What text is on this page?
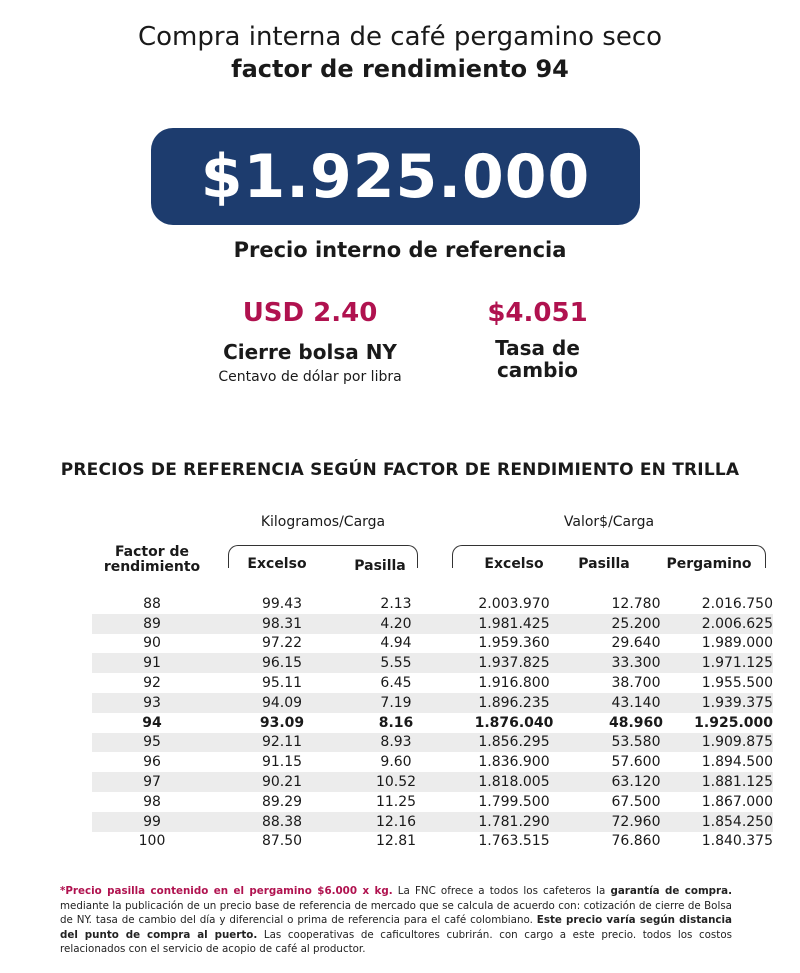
Compra interna de café pergamino seco
factor de rendimiento 94
$1.925.000
Precio interno de referencia
USD 2.40
Cierre bolsa NY
Centavo de dólar por libra
$4.051
Tasa de cambio
PRECIOS DE REFERENCIA SEGÚN FACTOR DE RENDIMIENTO EN TRILLA
Kilogramos/Carga	Valor$/Carga
Factor de rendimiento	Excelso	Pasilla	Excelso	Pasilla	Pergamino
88	99.43	2.13	2.003.970	12.780	2.016.750
89	98.31	4.20	1.981.425	25.200	2.006.625
90	97.22	4.94	1.959.360	29.640	1.989.000
91	96.15	5.55	1.937.825	33.300	1.971.125
92	95.11	6.45	1.916.800	38.700	1.955.500
93	94.09	7.19	1.896.235	43.140	1.939.375
94	93.09	8.16	1.876.040	48.960	1.925.000
95	92.11	8.93	1.856.295	53.580	1.909.875
96	91.15	9.60	1.836.900	57.600	1.894.500
97	90.21	10.52	1.818.005	63.120	1.881.125
98	89.29	11.25	1.799.500	67.500	1.867.000
99	88.38	12.16	1.781.290	72.960	1.854.250
100	87.50	12.81	1.763.515	76.860	1.840.375
*Precio pasilla contenido en el pergamino $6.000 x kg. La FNC ofrece a todos los cafeteros la garantía de compra. mediante la publicación de un precio base de referencia de mercado que se calcula de acuerdo con: cotización de cierre de Bolsa de NY. tasa de cambio del día y diferencial o prima de referencia para el café colombiano. Este precio varía según distancia del punto de compra al puerto. Las cooperativas de caficultores cubrirán. con cargo a este precio. todos los costos relacionados con el servicio de acopio de café al productor.
